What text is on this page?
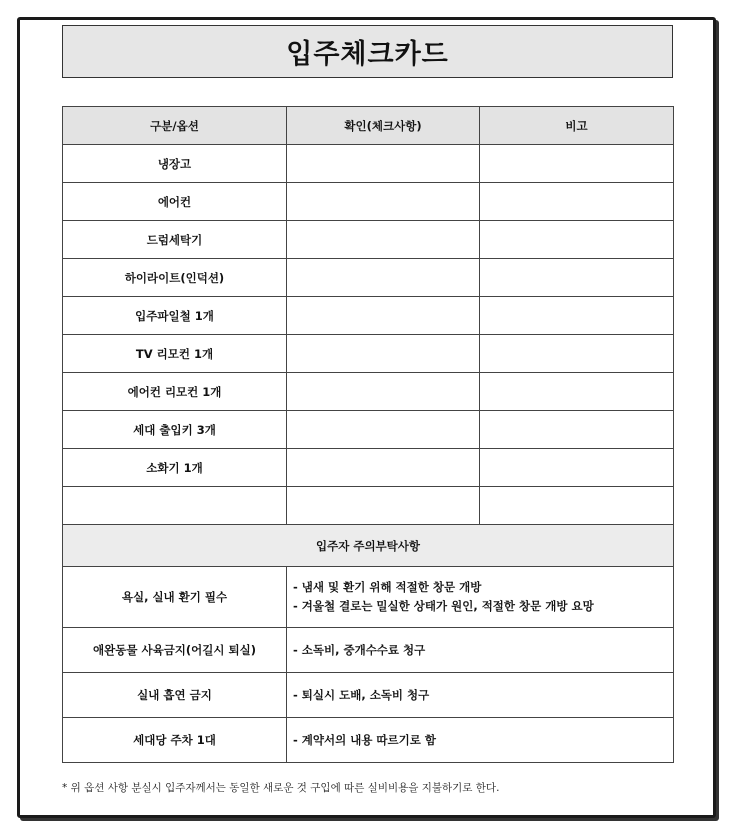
입주체크카드
구분/옵션	확인(체크사항)	비고
냉장고		
에어컨		
드럼세탁기		
하이라이트(인덕션)		
입주파일철 1개		
TV 리모컨 1개		
에어컨 리모컨 1개		
세대 출입키 3개		
소화기 1개		

입주자 주의부탁사항		
욕실, 실내 환기 필수	- 냄새 및 환기 위해 적절한 창문 개방
- 겨울철 결로는 밀실한 상태가 원인, 적절한 창문 개방 요망	

애완동물 사육금지(어길시 퇴실)	- 소독비, 중개수수료 청구	

실내 흡연 금지	- 퇴실시 도배, 소독비 청구	

세대당 주차 1대	- 계약서의 내용 따르기로 함	
* 위 옵션 사항 분실시 입주자께서는 동일한 새로운 것 구입에 따른 실비비용을 지불하기로 한다.
